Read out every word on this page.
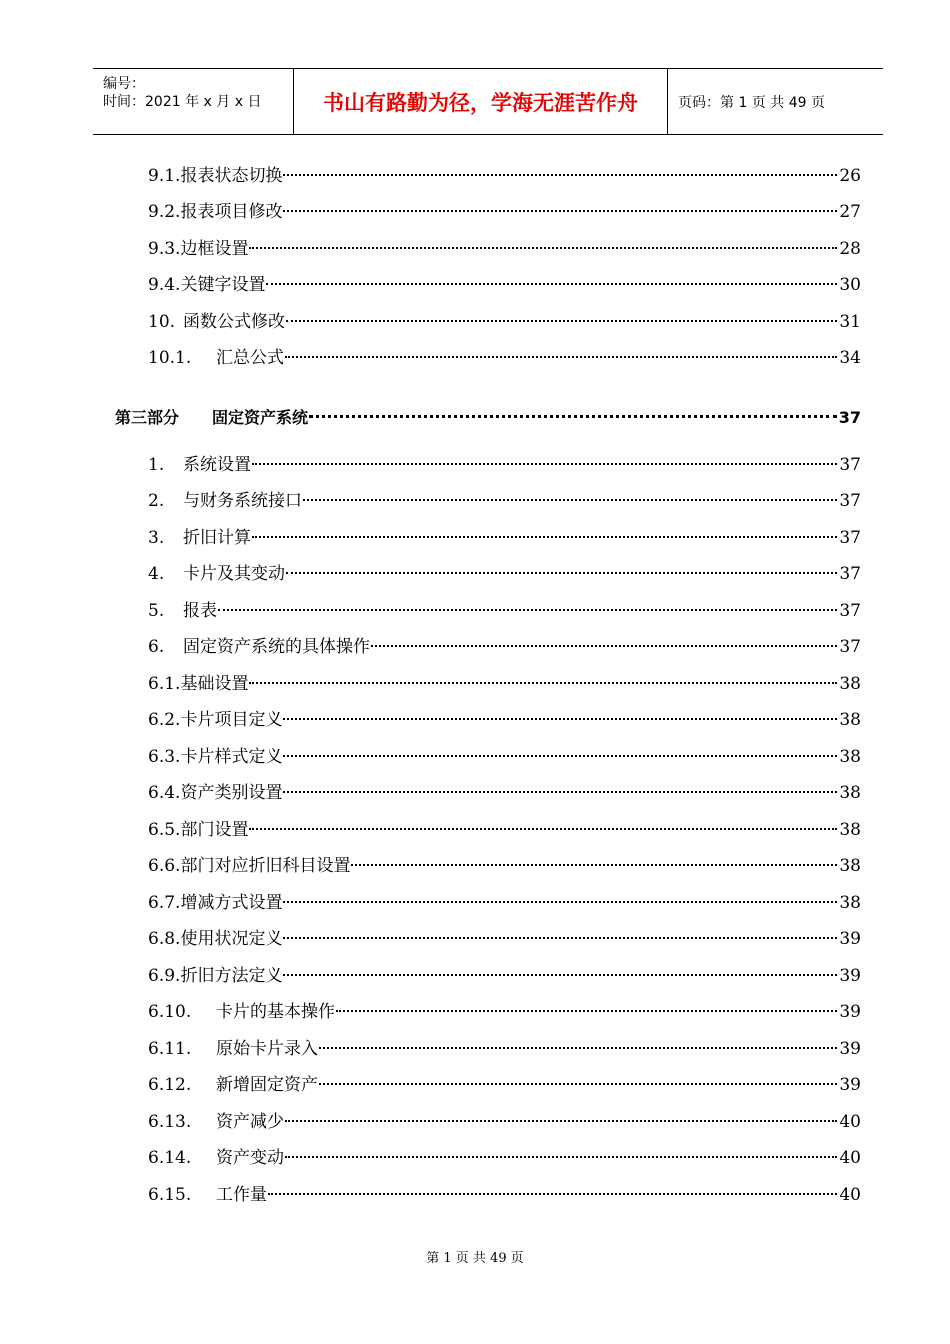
编号：
时间：2021 年 x 月 x 日	书山有路勤为径，学海无涯苦作舟	页码：第 1 页 共 49 页
9.1. 报表状态切换	26
9.2. 报表项目修改	27
9.3. 边框设置	28
9.4. 关键字设置	30
10. 函数公式修改	31
10.1.	汇总公式	34
第三部分	固定资产系统	37
1.	系统设置	37
2.	与财务系统接口	37
3.	折旧计算	37
4.	卡片及其变动	37
5.	报表	37
6.	固定资产系统的具体操作	37
6.1. 基础设置	38
6.2. 卡片项目定义	38
6.3. 卡片样式定义	38
6.4. 资产类别设置	38
6.5. 部门设置	38
6.6. 部门对应折旧科目设置	38
6.7. 增减方式设置	38
6.8. 使用状况定义	39
6.9. 折旧方法定义	39
6.10.	卡片的基本操作	39
6.11.	原始卡片录入	39
6.12.	新增固定资产	39
6.13.	资产减少	40
6.14.	资产变动	40
6.15.	工作量	40
第 1 页 共 49 页
